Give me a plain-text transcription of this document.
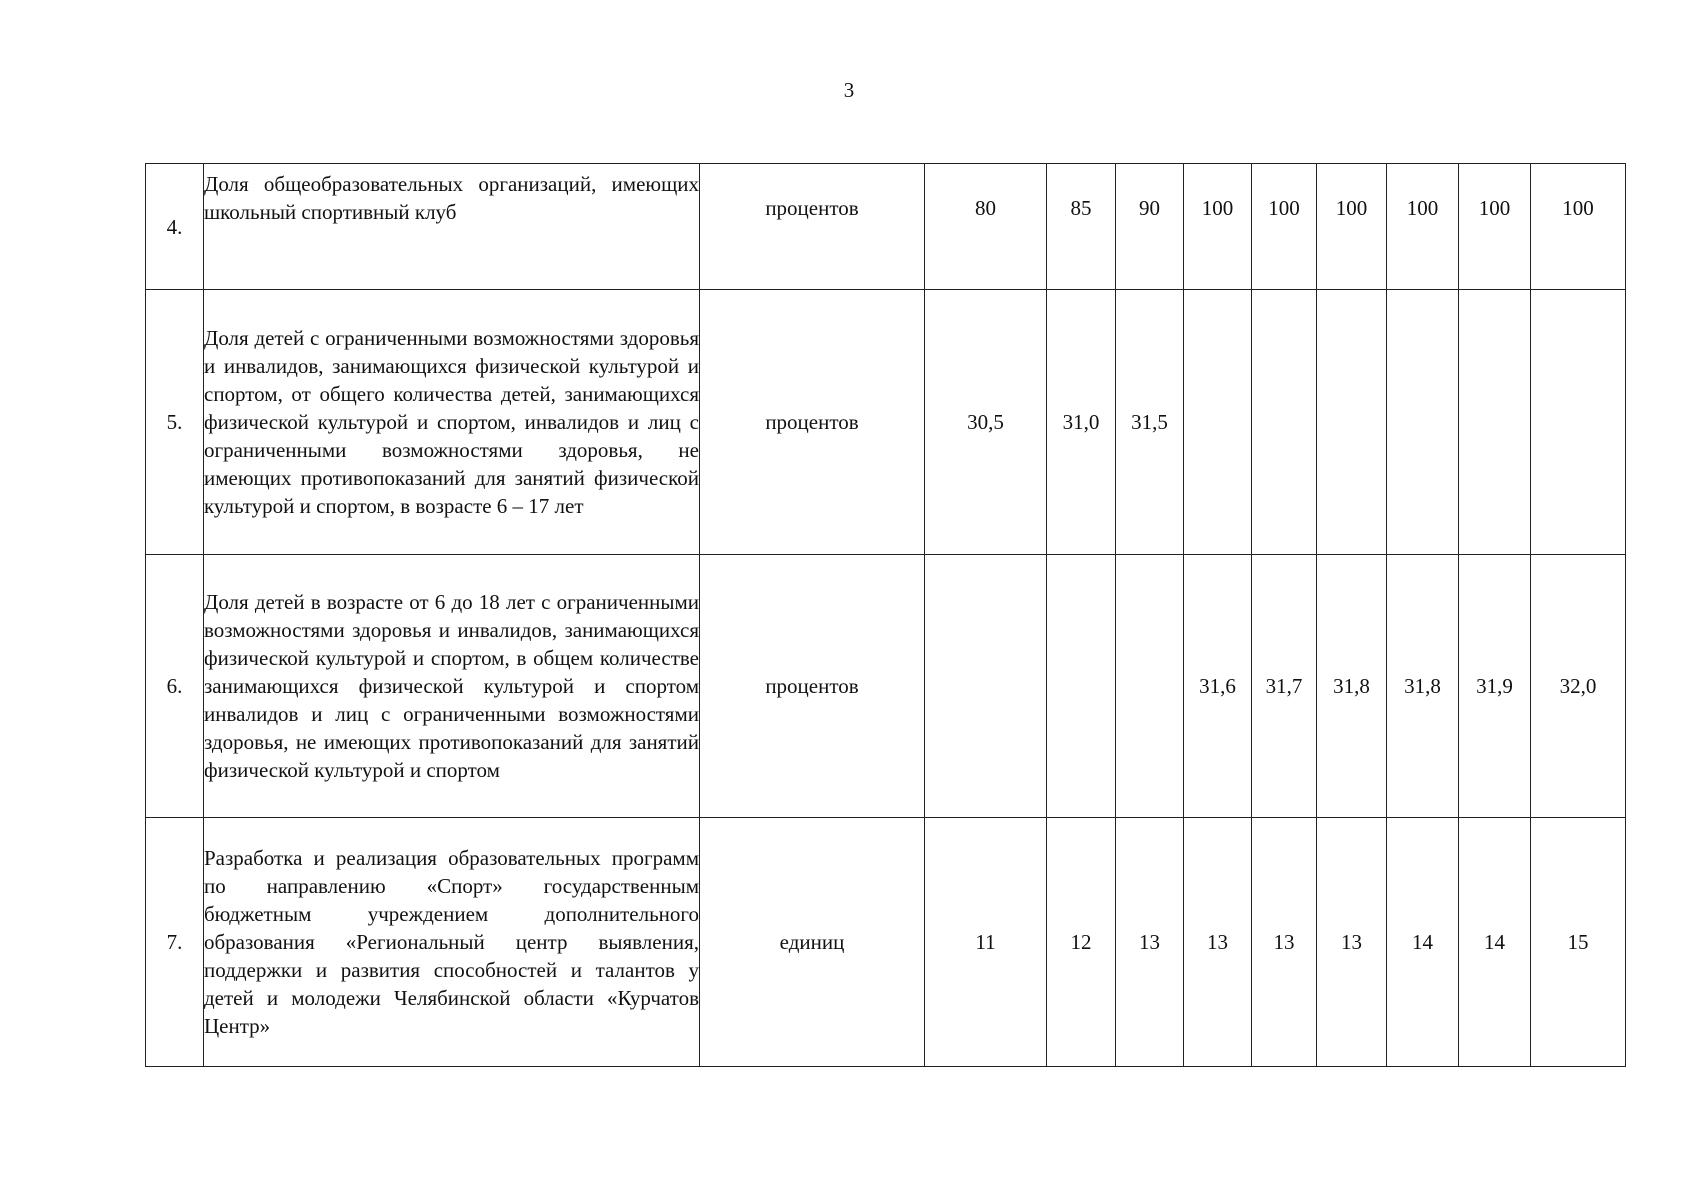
3
4.	Доля общеобразовательных организаций, имеющих школьный спортивный клуб	процентов	80	85	90	100	100	100	100	100	100
5.	Доля детей с ограниченными возможностями здоровья и инвалидов, занимающихся физической культурой и спортом, от общего количества детей, занимающихся физической культурой и спортом, инвалидов и лиц с ограниченными возможностями здоровья, не имеющих противопоказаний для занятий физической культурой и спортом, в возрасте 6 – 17 лет	процентов	30,5	31,0	31,5						
6.	Доля детей в возрасте от 6 до 18 лет с ограниченными возможностями здоровья и инвалидов, занимающихся физической культурой и спортом, в общем количестве занимающихся физической культурой и спортом инвалидов и лиц с ограниченными возможностями здоровья, не имеющих противопоказаний для занятий физической культурой и спортом	процентов				31,6	31,7	31,8	31,8	31,9	32,0
7.	Разработка и реализация образовательных программ по направлению «Спорт» государственным бюджетным учреждением дополнительного образования «Региональный центр выявления, поддержки и развития способностей и талантов у детей и молодежи Челябинской области «Курчатов Центр»	единиц	11	12	13	13	13	13	14	14	15
